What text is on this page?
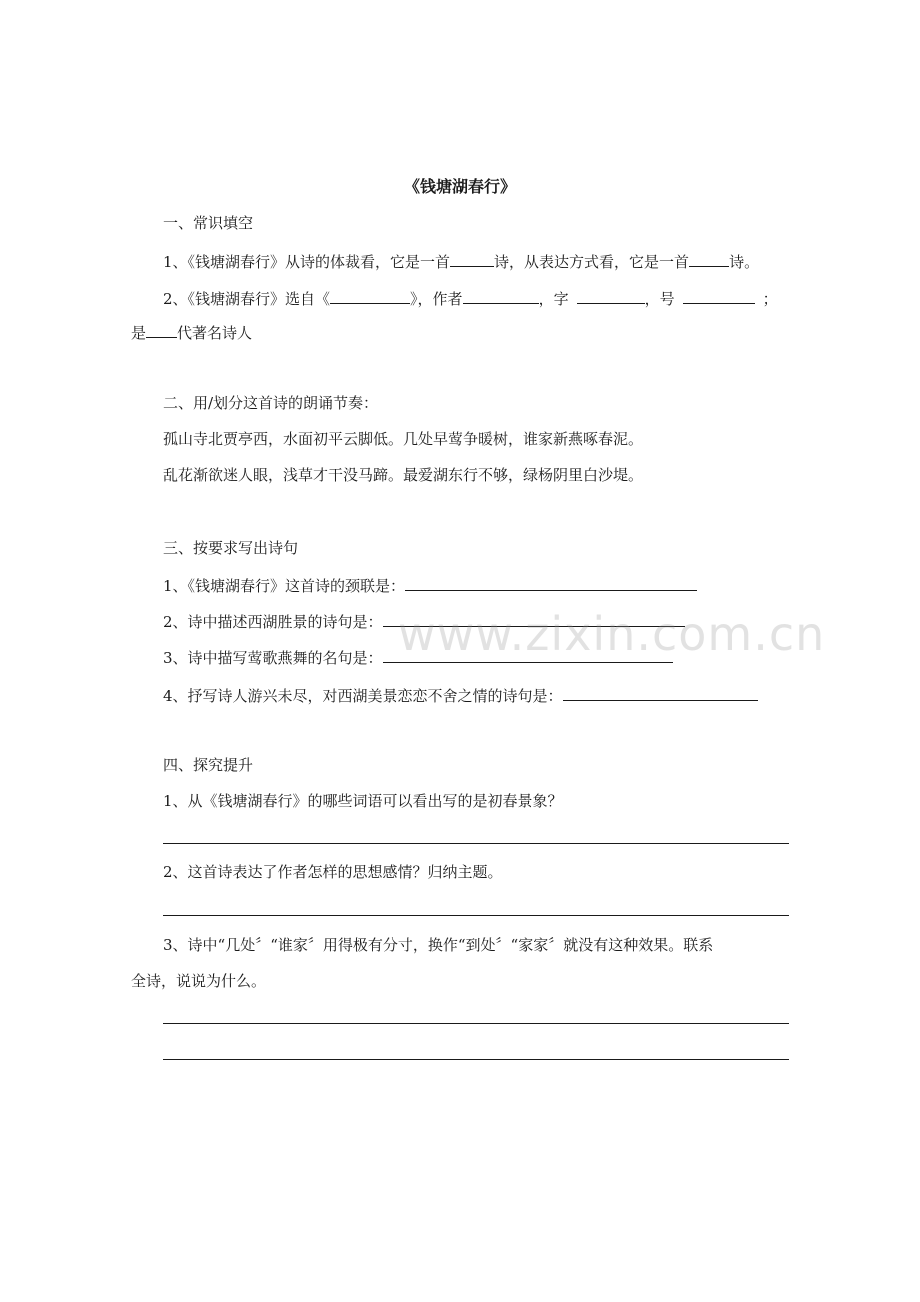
《钱塘湖春行》
一、常识填空
1、《钱塘湖春行》从诗的体裁看，它是一首	诗，从表达方式看，它是一首	诗。
2、《钱塘湖春行》选自《	》，作者	，字	，号	；
是 代著名诗人
二、用/划分这首诗的朗诵节奏：
孤山寺北贾亭西，水面初平云脚低。几处早莺争暖树，谁家新燕啄春泥。
乱花渐欲迷人眼，浅草才干没马蹄。最爱湖东行不够，绿杨阴里白沙堤。
三、按要求写出诗句
1、《钱塘湖春行》这首诗的颈联是：
2、诗中描述西湖胜景的诗句是：
3、诗中描写莺歌燕舞的名句是：
4、抒写诗人游兴未尽，对西湖美景恋恋不舍之情的诗句是：
四、探究提升
1、从《钱塘湖春行》的哪些词语可以看出写的是初春景象？
2、这首诗表达了作者怎样的思想感情？归纳主题。
3、诗中“几处〞“谁家〞用得极有分寸，换作“到处〞“家家〞就没有这种效果。联系
全诗，说说为什么。
www.zixin.com.cn
